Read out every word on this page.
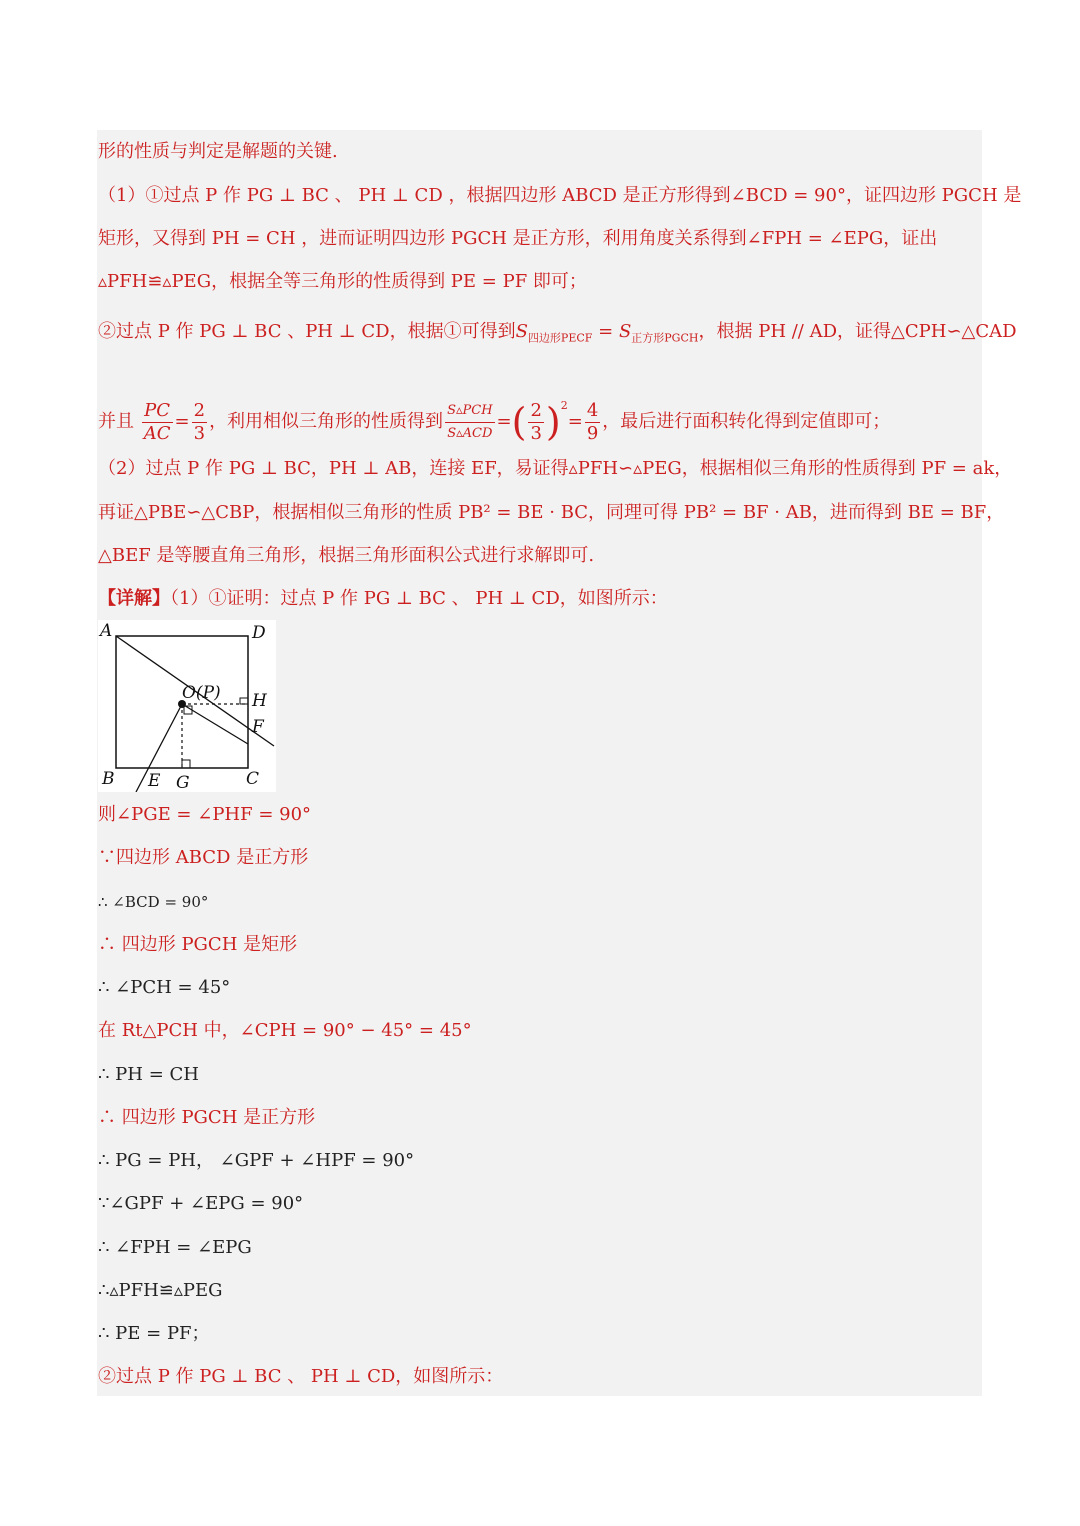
形的性质与判定是解题的关键.
（1）①过点 P 作 PG ⊥ BC 、 PH ⊥ CD ，根据四边形 ABCD 是正方形得到∠BCD = 90°，证四边形 PGCH 是
矩形，又得到 PH = CH ，进而证明四边形 PGCH 是正方形，利用角度关系得到∠FPH = ∠EPG，证出
▵PFH≌▵PEG，根据全等三角形的性质得到 PE = PF 即可；
②过点 P 作 PG ⊥ BC 、PH ⊥ CD，根据①可得到$S_{四边形PECF} = S_{正方形PGCH}$，根据 PH // AD，证得△CPH∽△CAD
并且 $\frac{PC}{AC} = \frac{2}{3}$ ，利用相似三角形的性质得到 $\frac{\text{S▵PCH}}{\text{S▵ACD}}$ =( $\frac{2}{3} )^2= \frac{4}{9}$ ，最后进行面积转化得到定值即可；
（2）过点 P 作 PG ⊥ BC，PH ⊥ AB，连接 EF，易证得▵PFH∽▵PEG，根据相似三角形的性质得到 PF = ak，
再证△PBE∽△CBP，根据相似三角形的性质 PB² = BE · BC，同理可得 PB² = BF · AB，进而得到 BE = BF，
△BEF 是等腰直角三角形，根据三角形面积公式进行求解即可.
【详解】（1）①证明：过点 P 作 PG ⊥ BC 、 PH ⊥ CD，如图所示：
A	D
B	C
E G
H
F
O(P)
则∠PGE = ∠PHF = 90°
∵四边形 ABCD 是正方形
∴ ∠BCD = 90°
∴ 四边形 PGCH 是矩形
∴ ∠PCH = 45°
在 Rt△PCH 中，∠CPH = 90° − 45° = 45°
∴ PH = CH
∴ 四边形 PGCH 是正方形
∴ PG = PH， ∠GPF + ∠HPF = 90°
∵∠GPF + ∠EPG = 90°
∴ ∠FPH = ∠EPG
∴▵PFH≌▵PEG
∴ PE = PF；
②过点 P 作 PG ⊥ BC 、 PH ⊥ CD，如图所示：
